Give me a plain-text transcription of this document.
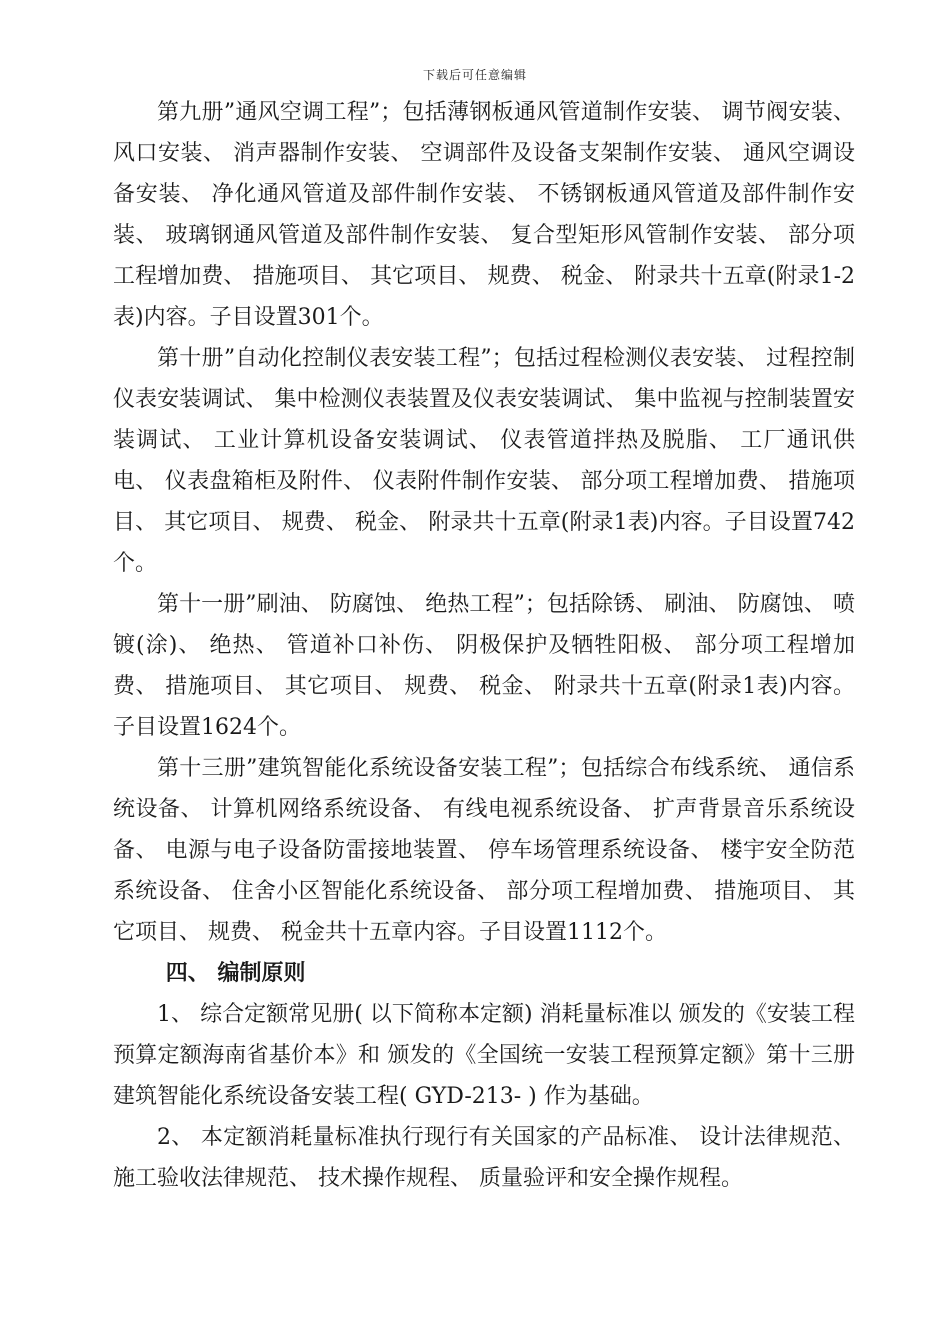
下载后可任意编辑

第九册”通风空调工程”；包括薄钢板通风管道制作安装、 调节阀安装、 风口安装、 消声器制作安装、 空调部件及设备支架制作安装、 通风空调设备安装、 净化通风管道及部件制作安装、 不锈钢板通风管道及部件制作安装、 玻璃钢通风管道及部件制作安装、 复合型矩形风管制作安装、 部分项工程增加费、 措施项目、 其它项目、 规费、 税金、 附录共十五章(附录1-2表)内容。子目设置301个。

第十册”自动化控制仪表安装工程”；包括过程检测仪表安装、 过程控制仪表安装调试、 集中检测仪表装置及仪表安装调试、 集中监视与控制装置安装调试、 工业计算机设备安装调试、 仪表管道拌热及脱脂、 工厂通讯供电、 仪表盘箱柜及附件、 仪表附件制作安装、 部分项工程增加费、 措施项目、 其它项目、 规费、 税金、 附录共十五章(附录1表)内容。子目设置742个。

第十一册”刷油、 防腐蚀、 绝热工程”；包括除锈、 刷油、 防腐蚀、 喷镀(涂)、 绝热、 管道补口补伤、 阴极保护及牺牲阳极、 部分项工程增加费、 措施项目、 其它项目、 规费、 税金、 附录共十五章(附录1表)内容。子目设置1624个。

第十三册”建筑智能化系统设备安装工程”；包括综合布线系统、 通信系统设备、 计算机网络系统设备、 有线电视系统设备、 扩声背景音乐系统设备、 电源与电子设备防雷接地装置、 停车场管理系统设备、 楼宇安全防范系统设备、 住舍小区智能化系统设备、 部分项工程增加费、 措施项目、 其它项目、 规费、 税金共十五章内容。子目设置1112个。

四、 编制原则

1、 综合定额常见册( 以下简称本定额) 消耗量标准以 颁发的《安装工程预算定额海南省基价本》和 颁发的《全国统一安装工程预算定额》第十三册建筑智能化系统设备安装工程( GYD-213- ) 作为基础。

2、 本定额消耗量标准执行现行有关国家的产品标准、 设计法律规范、 施工验收法律规范、 技术操作规程、 质量验评和安全操作规程。
